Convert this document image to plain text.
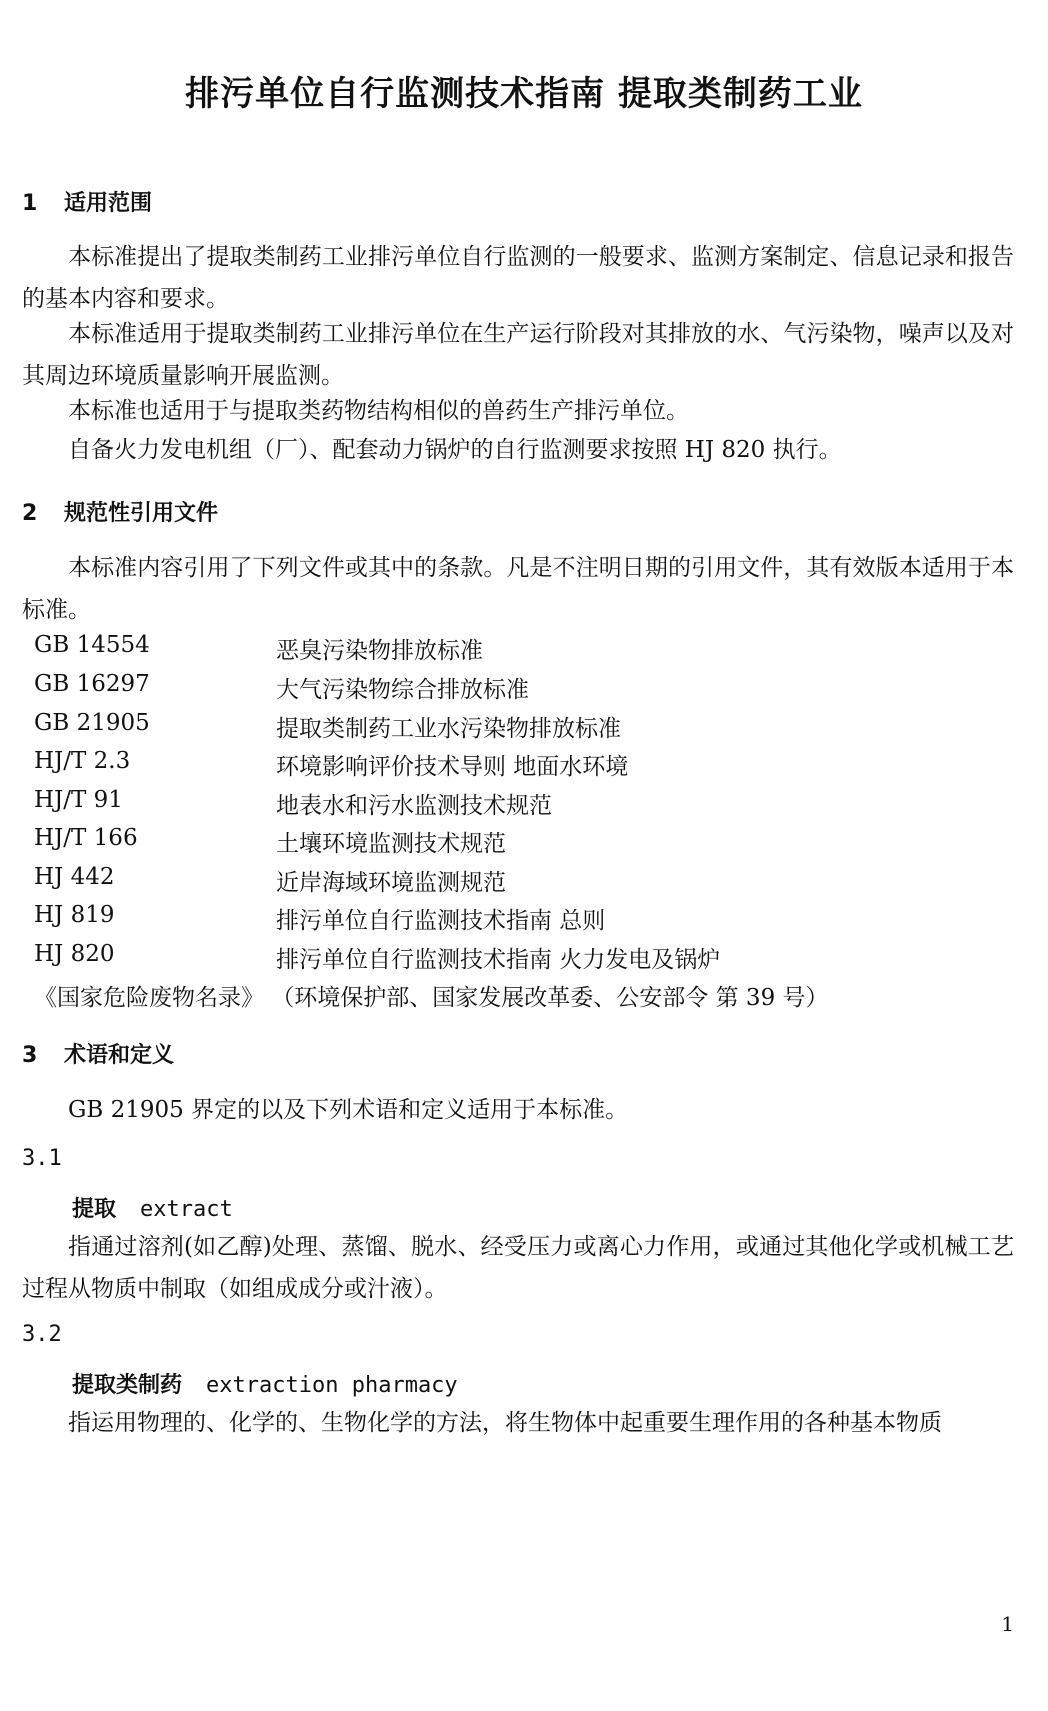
排污单位自行监测技术指南 提取类制药工业
1 适用范围
本标准提出了提取类制药工业排污单位自行监测的一般要求、监测方案制定、信息记录和报告的基本内容和要求。
本标准适用于提取类制药工业排污单位在生产运行阶段对其排放的水、气污染物，噪声以及对其周边环境质量影响开展监测。
本标准也适用于与提取类药物结构相似的兽药生产排污单位。
自备火力发电机组（厂）、配套动力锅炉的自行监测要求按照 HJ 820 执行。
2 规范性引用文件
本标准内容引用了下列文件或其中的条款。凡是不注明日期的引用文件，其有效版本适用于本标准。
GB 14554	恶臭污染物排放标准
GB 16297	大气污染物综合排放标准
GB 21905	提取类制药工业水污染物排放标准
HJ/T 2.3	环境影响评价技术导则 地面水环境
HJ/T 91	地表水和污水监测技术规范
HJ/T 166	土壤环境监测技术规范
HJ 442	近岸海域环境监测规范
HJ 819	排污单位自行监测技术指南 总则
HJ 820	排污单位自行监测技术指南 火力发电及锅炉
《国家危险废物名录》 （环境保护部、国家发展改革委、公安部令 第 39 号）
3 术语和定义
GB 21905 界定的以及下列术语和定义适用于本标准。
3.1
提取 extract
指通过溶剂(如乙醇)处理、蒸馏、脱水、经受压力或离心力作用，或通过其他化学或机械工艺过程从物质中制取（如组成成分或汁液）。
3.2
提取类制药 extraction pharmacy
指运用物理的、化学的、生物化学的方法，将生物体中起重要生理作用的各种基本物质
1
